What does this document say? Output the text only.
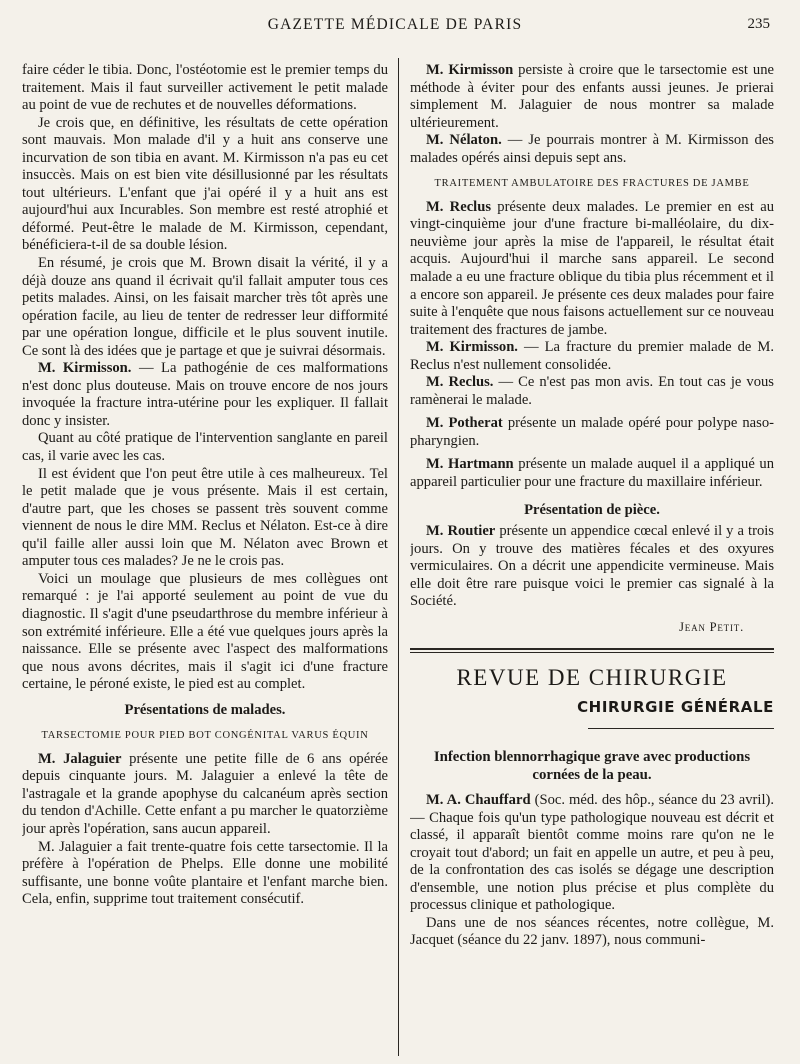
GAZETTE MÉDICALE DE PARIS	235

faire céder le tibia. Donc, l'ostéotomie est le premier temps du traitement. Mais il faut surveiller activement le petit malade au point de vue de rechutes et de nouvelles déformations.

Je crois que, en définitive, les résultats de cette opération sont mauvais. Mon malade d'il y a huit ans conserve une incurvation de son tibia en avant. M. Kirmisson n'a pas eu cet insuccès. Mais on est bien vite désillusionné par les résultats tout ultérieurs. L'enfant que j'ai opéré il y a huit ans est aujourd'hui aux Incurables. Son membre est resté atrophié et déformé. Peut-être le malade de M. Kirmisson, cependant, bénéficiera-t-il de sa double lésion.

En résumé, je crois que M. Brown disait la vérité, il y a déjà douze ans quand il écrivait qu'il fallait amputer tous ces petits malades. Ainsi, on les faisait marcher très tôt après une opération facile, au lieu de tenter de redresser leur difformité par une opération longue, difficile et le plus souvent inutile. Ce sont là des idées que je partage et que je suivrai désormais.

M. Kirmisson. — La pathogénie de ces malformations n'est donc plus douteuse. Mais on trouve encore de nos jours invoquée la fracture intra-utérine pour les expliquer. Il fallait donc y insister.

Quant au côté pratique de l'intervention sanglante en pareil cas, il varie avec les cas.

Il est évident que l'on peut être utile à ces malheureux. Tel le petit malade que je vous présente. Mais il est certain, d'autre part, que les choses se passent très souvent comme viennent de nous le dire MM. Reclus et Nélaton. Est-ce à dire qu'il faille aller aussi loin que M. Nélaton avec Brown et amputer tous ces malades? Je ne le crois pas.

Voici un moulage que plusieurs de mes collègues ont remarqué : je l'ai apporté seulement au point de vue du diagnostic. Il s'agit d'une pseudarthrose du membre inférieur à son extrémité inférieure. Elle a été vue quelques jours après la naissance. Elle se présente avec l'aspect des malformations que nous avons décrites, mais il s'agit ici d'une fracture certaine, le péroné existe, le pied est au complet.

Présentations de malades.
TARSECTOMIE POUR PIED BOT CONGÉNITAL VARUS ÉQUIN

M. Jalaguier présente une petite fille de 6 ans opérée depuis cinquante jours. M. Jalaguier a enlevé la tête de l'astragale et la grande apophyse du calcanéum après section du tendon d'Achille. Cette enfant a pu marcher le quatorzième jour après l'opération, sans aucun appareil.

M. Jalaguier a fait trente-quatre fois cette tarsectomie. Il la préfère à l'opération de Phelps. Elle donne une mobilité suffisante, une bonne voûte plantaire et l'enfant marche bien. Cela, enfin, supprime tout traitement consécutif.

M. Kirmisson persiste à croire que le tarsectomie est une méthode à éviter pour des enfants aussi jeunes. Je prierai simplement M. Jalaguier de nous montrer sa malade ultérieurement.

M. Nélaton. — Je pourrais montrer à M. Kirmisson des malades opérés ainsi depuis sept ans.

TRAITEMENT AMBULATOIRE DES FRACTURES DE JAMBE

M. Reclus présente deux malades. Le premier en est au vingt-cinquième jour d'une fracture bi-malléolaire, du dix-neuvième jour après la mise de l'appareil, le résultat était acquis. Aujourd'hui il marche sans appareil. Le second malade a eu une fracture oblique du tibia plus récemment et il a encore son appareil. Je présente ces deux malades pour faire suite à l'enquête que nous faisons actuellement sur ce nouveau traitement des fractures de jambe.

M. Kirmisson. — La fracture du premier malade de M. Reclus n'est nullement consolidée.

M. Reclus. — Ce n'est pas mon avis. En tout cas je vous ramènerai le malade.

M. Potherat présente un malade opéré pour polype naso-pharyngien.

M. Hartmann présente un malade auquel il a appliqué un appareil particulier pour une fracture du maxillaire inférieur.

Présentation de pièce.

M. Routier présente un appendice cœcal enlevé il y a trois jours. On y trouve des matières fécales et des oxyures vermiculaires. On a décrit une appendicite vermineuse. Mais elle doit être rare puisque voici le premier cas signalé à la Société.

Jean Petit.
REVUE DE CHIRURGIE
CHIRURGIE GÉNÉRALE
Infection blennorrhagique grave avec productions cornées de la peau.

M. A. Chauffard (Soc. méd. des hôp., séance du 23 avril). — Chaque fois qu'un type pathologique nouveau est décrit et classé, il apparaît bientôt comme moins rare qu'on ne le croyait tout d'abord; un fait en appelle un autre, et peu à peu, de la confrontation des cas isolés se dégage une description d'ensemble, une notion plus précise et plus complète du processus clinique et pathologique.

Dans une de nos séances récentes, notre collègue, M. Jacquet (séance du 22 janv. 1897), nous communi-
